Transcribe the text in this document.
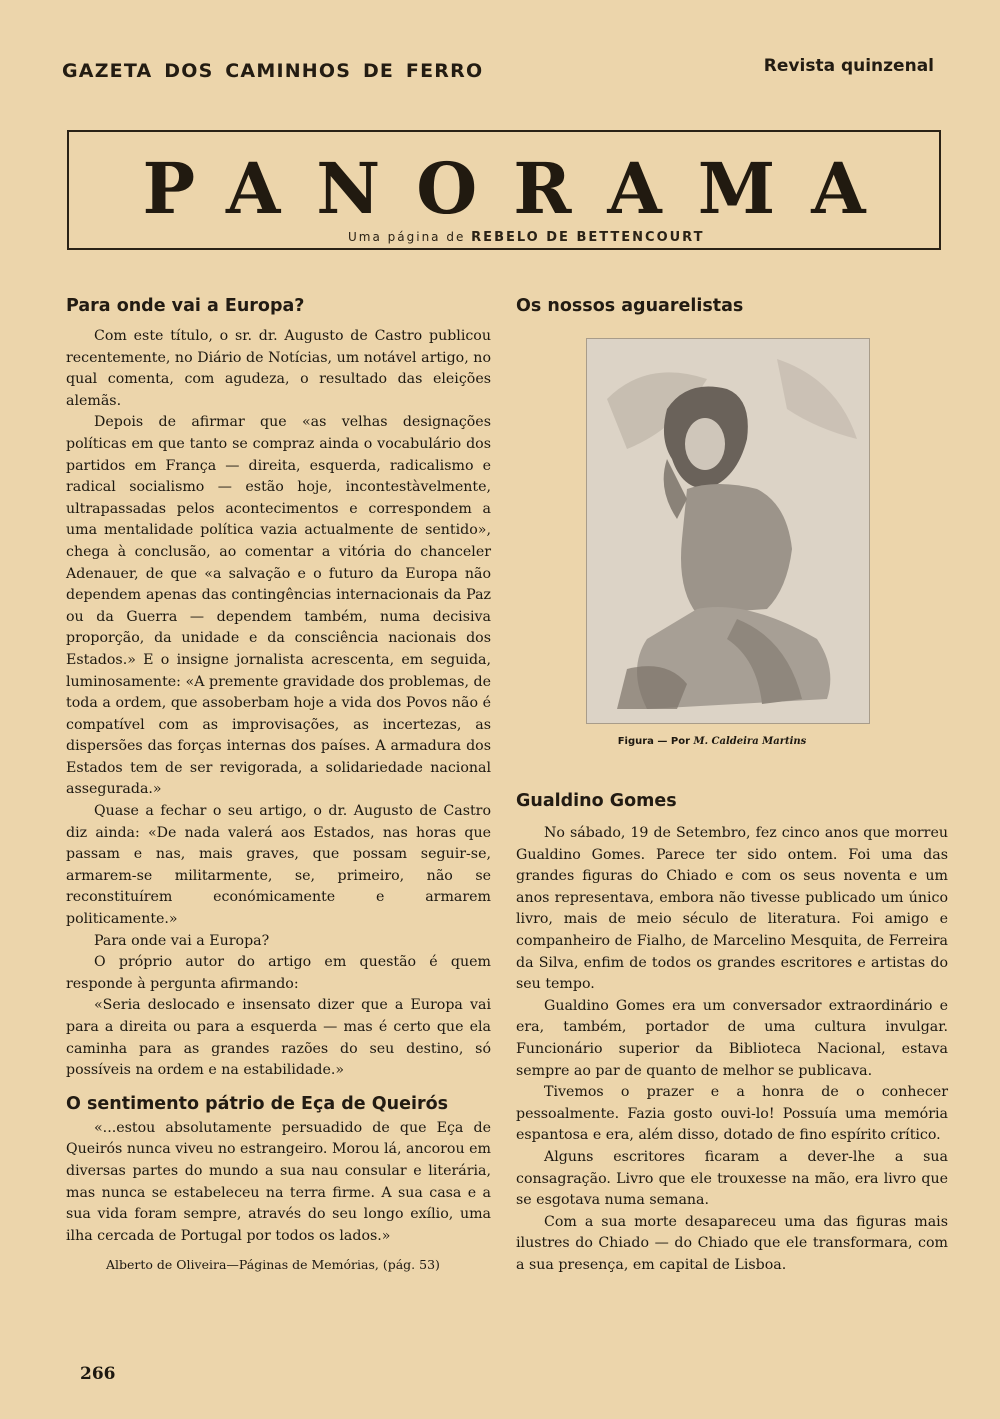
GAZETA DOS CAMINHOS DE FERRO	Revista quinzenal
PANORAMA
Uma página de REBELO DE BETTENCOURT
Para onde vai a Europa?

Com este título, o sr. dr. Augusto de Castro publicou recentemente, no Diário de Notícias, um notável artigo, no qual comenta, com agudeza, o resultado das eleições alemãs.

Depois de afirmar que «as velhas designações políticas em que tanto se compraz ainda o vocabulário dos partidos em França — direita, esquerda, radicalismo e radical socialismo — estão hoje, incontestàvelmente, ultrapassadas pelos acontecimentos e correspondem a uma mentalidade política vazia actualmente de sentido», chega à conclusão, ao comentar a vitória do chanceler Adenauer, de que «a salvação e o futuro da Europa não dependem apenas das contingências internacionais da Paz ou da Guerra — dependem também, numa decisiva proporção, da unidade e da consciência nacionais dos Estados.» E o insigne jornalista acrescenta, em seguida, luminosamente: «A premente gravidade dos problemas, de toda a ordem, que assoberbam hoje a vida dos Povos não é compatível com as improvisações, as incertezas, as dispersões das forças internas dos países. A armadura dos Estados tem de ser revigorada, a solidariedade nacional assegurada.»

Quase a fechar o seu artigo, o dr. Augusto de Castro diz ainda: «De nada valerá aos Estados, nas horas que passam e nas, mais graves, que possam seguir-se, armarem-se militarmente, se, primeiro, não se reconstituírem económicamente e armarem politicamente.»

Para onde vai a Europa?

O próprio autor do artigo em questão é quem responde à pergunta afirmando:

«Seria deslocado e insensato dizer que a Europa vai para a direita ou para a esquerda — mas é certo que ela caminha para as grandes razões do seu destino, só possíveis na ordem e na estabilidade.»

O sentimento pátrio de Eça de Queirós

«...estou absolutamente persuadido de que Eça de Queirós nunca viveu no estrangeiro. Morou lá, ancorou em diversas partes do mundo a sua nau consular e literária, mas nunca se estabeleceu na terra firme. A sua casa e a sua vida foram sempre, através do seu longo exílio, uma ilha cercada de Portugal por todos os lados.»

Alberto de Oliveira—Páginas de Memórias, (pág. 53)
Os nossos aguarelistas
Figura — Por M. Caldeira Martins
Gualdino Gomes

No sábado, 19 de Setembro, fez cinco anos que morreu Gualdino Gomes. Parece ter sido ontem. Foi uma das grandes figuras do Chiado e com os seus noventa e um anos representava, embora não tivesse publicado um único livro, mais de meio século de literatura. Foi amigo e companheiro de Fialho, de Marcelino Mesquita, de Ferreira da Silva, enfim de todos os grandes escritores e artistas do seu tempo.

Gualdino Gomes era um conversador extraordinário e era, também, portador de uma cultura invulgar. Funcionário superior da Biblioteca Nacional, estava sempre ao par de quanto de melhor se publicava.

Tivemos o prazer e a honra de o conhecer pessoalmente. Fazia gosto ouvi-lo! Possuía uma memória espantosa e era, além disso, dotado de fino espírito crítico.

Alguns escritores ficaram a dever-lhe a sua consagração. Livro que ele trouxesse na mão, era livro que se esgotava numa semana.

Com a sua morte desapareceu uma das figuras mais ilustres do Chiado — do Chiado que ele transformara, com a sua presença, em capital de Lisboa.

266
